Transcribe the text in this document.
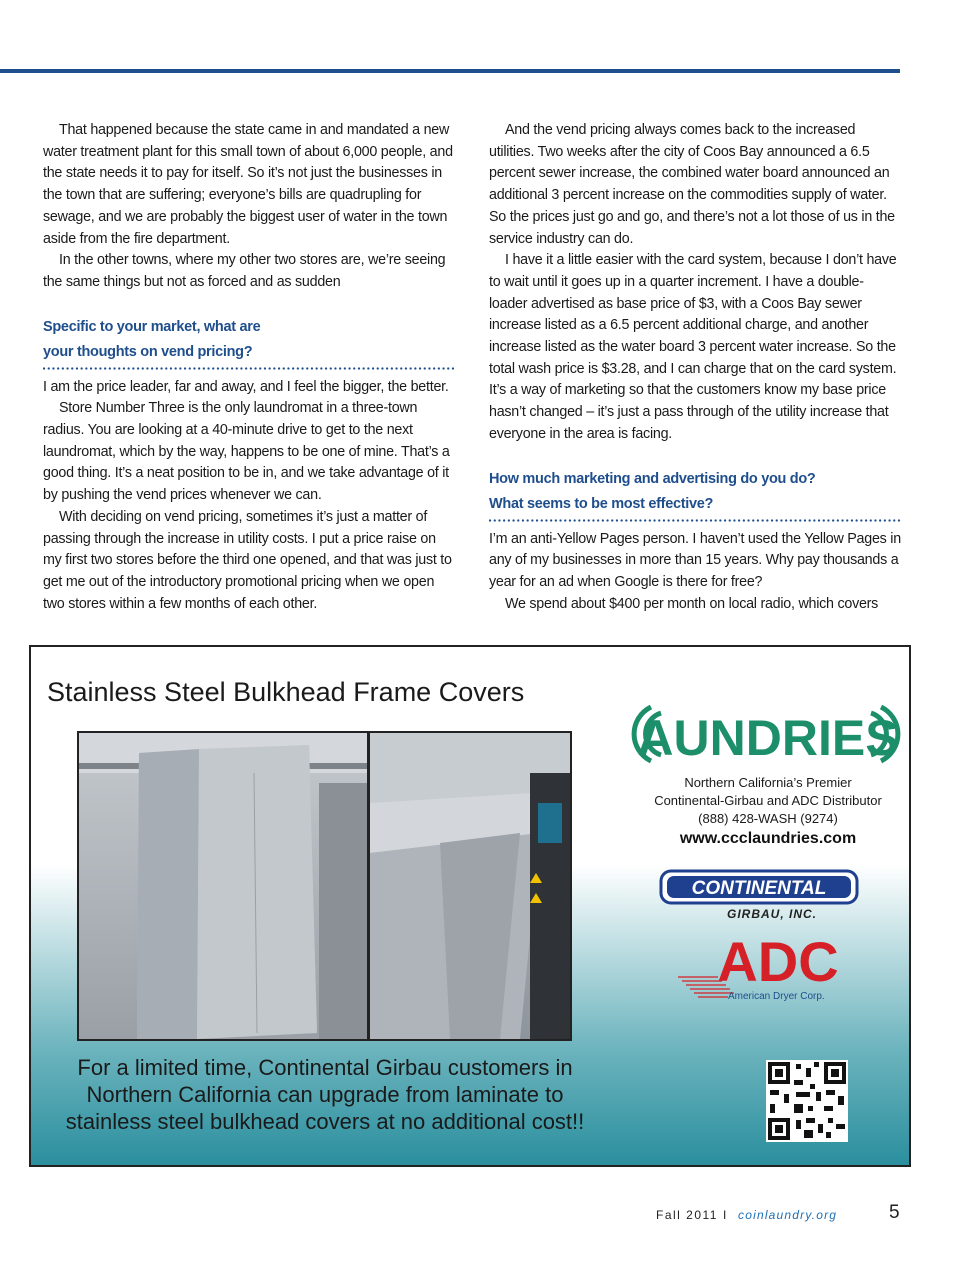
That happened because the state came in and mandated a new water treatment plant for this small town of about 6,000 people, and the state needs it to pay for itself. So it’s not just the businesses in the town that are suffering; everyone’s bills are quadrupling for sewage, and we are probably the biggest user of water in the town aside from the fire department.

In the other towns, where my other two stores are, we’re seeing the same things but not as forced and as sudden

Specific to your market, what are
your thoughts on vend pricing?

I am the price leader, far and away, and I feel the bigger, the better.

Store Number Three is the only laundromat in a three-town radius. You are looking at a 40-minute drive to get to the next laundromat, which by the way, happens to be one of mine. That’s a good thing. It’s a neat position to be in, and we take advantage of it by pushing the vend prices whenever we can.

With deciding on vend pricing, sometimes it’s just a matter of passing through the increase in utility costs. I put a price raise on my first two stores before the third one opened, and that was just to get me out of the introductory promotional pricing when we open two stores within a few months of each other.

And the vend pricing always comes back to the increased utilities. Two weeks after the city of Coos Bay announced a 6.5 percent sewer increase, the combined water board announced an additional 3 percent increase on the commodities supply of water. So the prices just go and go, and there’s not a lot those of us in the service industry can do.

I have it a little easier with the card system, because I don’t have to wait until it goes up in a quarter increment. I have a double-loader advertised as base price of $3, with a Coos Bay sewer increase listed as a 6.5 percent additional charge, and another increase listed as the water board 3 percent water increase. So the total wash price is $3.28, and I can charge that on the card system. It’s a way of marketing so that the customers know my base price hasn’t changed – it’s just a pass through of the utility increase that everyone in the area is facing.

How much marketing and advertising do you do?
What seems to be most effective?

I’m an anti-Yellow Pages person. I haven’t used the Yellow Pages in any of my businesses in more than 15 years. Why pay thousands a year for an ad when Google is there for free?

We spend about $400 per month on local radio, which covers

Stainless Steel Bulkhead Frame Covers
AUNDRIES
Northern California’s Premier
Continental-Girbau and ADC Distributor
(888) 428-WASH (9274)
www.ccclaundries.com
CONTINENTAL
GIRBAU, INC.
ADC
American Dryer Corp.
For a limited time, Continental Girbau customers in Northern California can upgrade from laminate to stainless steel bulkhead covers at no additional cost!!
Fall 2011 I coinlaundry.org	5
